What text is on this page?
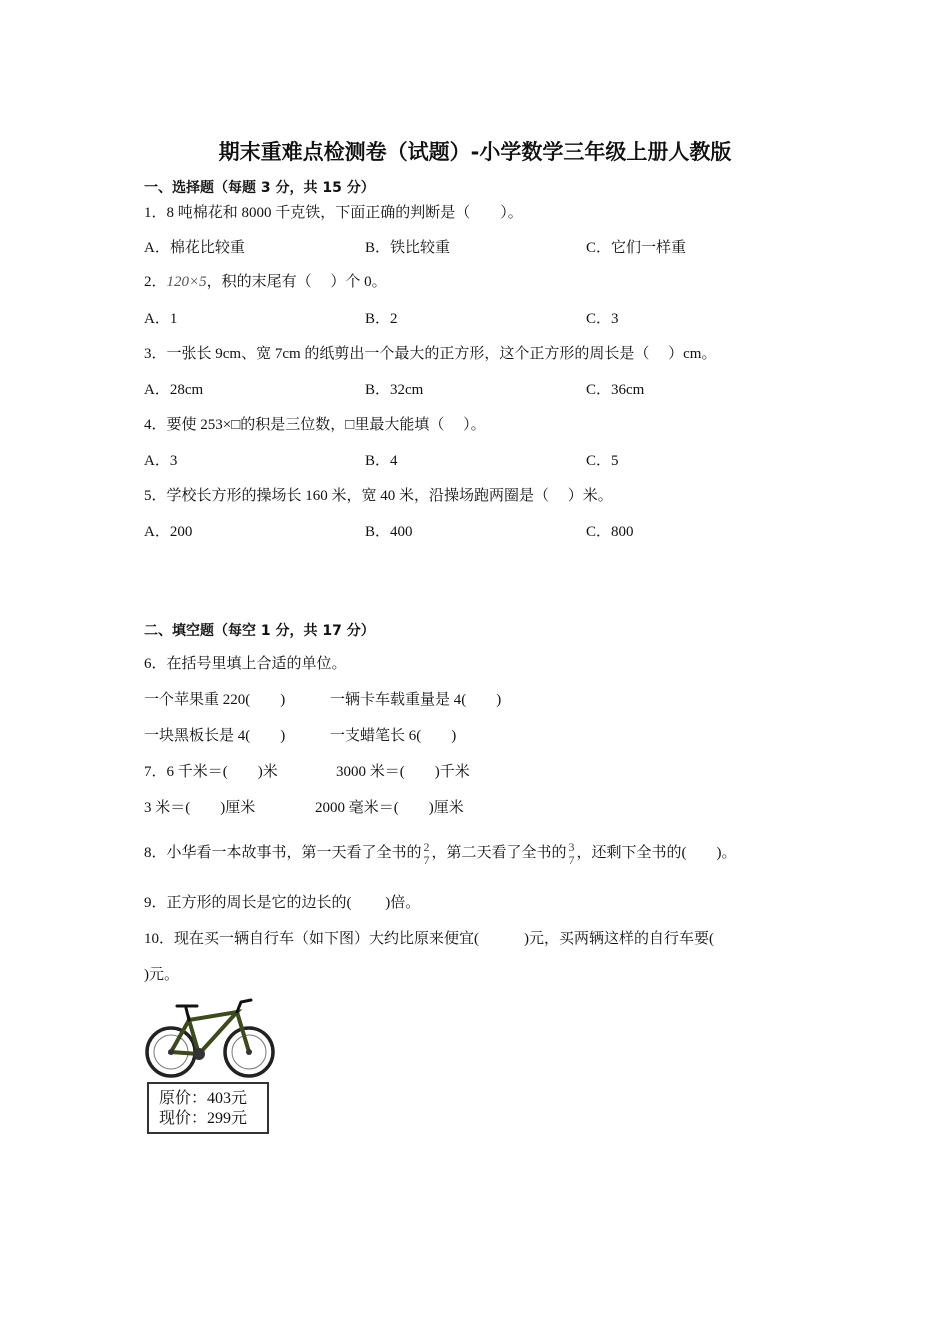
期末重难点检测卷（试题）-小学数学三年级上册人教版
一、选择题（每题 3 分，共 15 分）
1．8 吨棉花和 8000 千克铁，下面正确的判断是（　　）。
A．棉花比较重	B．铁比较重	C．它们一样重
2．120×5，积的末尾有（　 ）个 0。
A．1	B．2	C．3
3．一张长 9cm、宽 7cm 的纸剪出一个最大的正方形，这个正方形的周长是（　 ）cm。
A．28cm	B．32cm	C．36cm
4．要使 253×□的积是三位数，□里最大能填（　 ）。
A．3	B．4	C．5
5．学校长方形的操场长 160 米，宽 40 米，沿操场跑两圈是（　 ）米。
A．200	B．400	C．800
二、填空题（每空 1 分，共 17 分）
6．在括号里填上合适的单位。
一个苹果重 220(　　)	一辆卡车载重量是 4(　　)
一块黑板长是 4(　　)	一支蜡笔长 6(　　)
7．6 千米＝(　　)米	3000 米＝(　　)千米
3 米＝(　　)厘米	2000 毫米＝(　　)厘米
8．小华看一本故事书，第一天看了全书的 2
7 ，第二天看了全书的 3
7 ，还剩下全书的(　　)。
9．正方形的周长是它的边长的(　　 )倍。
10．现在买一辆自行车（如下图）大约比原来便宜(　　　)元，买两辆这样的自行车要(
)元。
原价：403元
现价：299元
